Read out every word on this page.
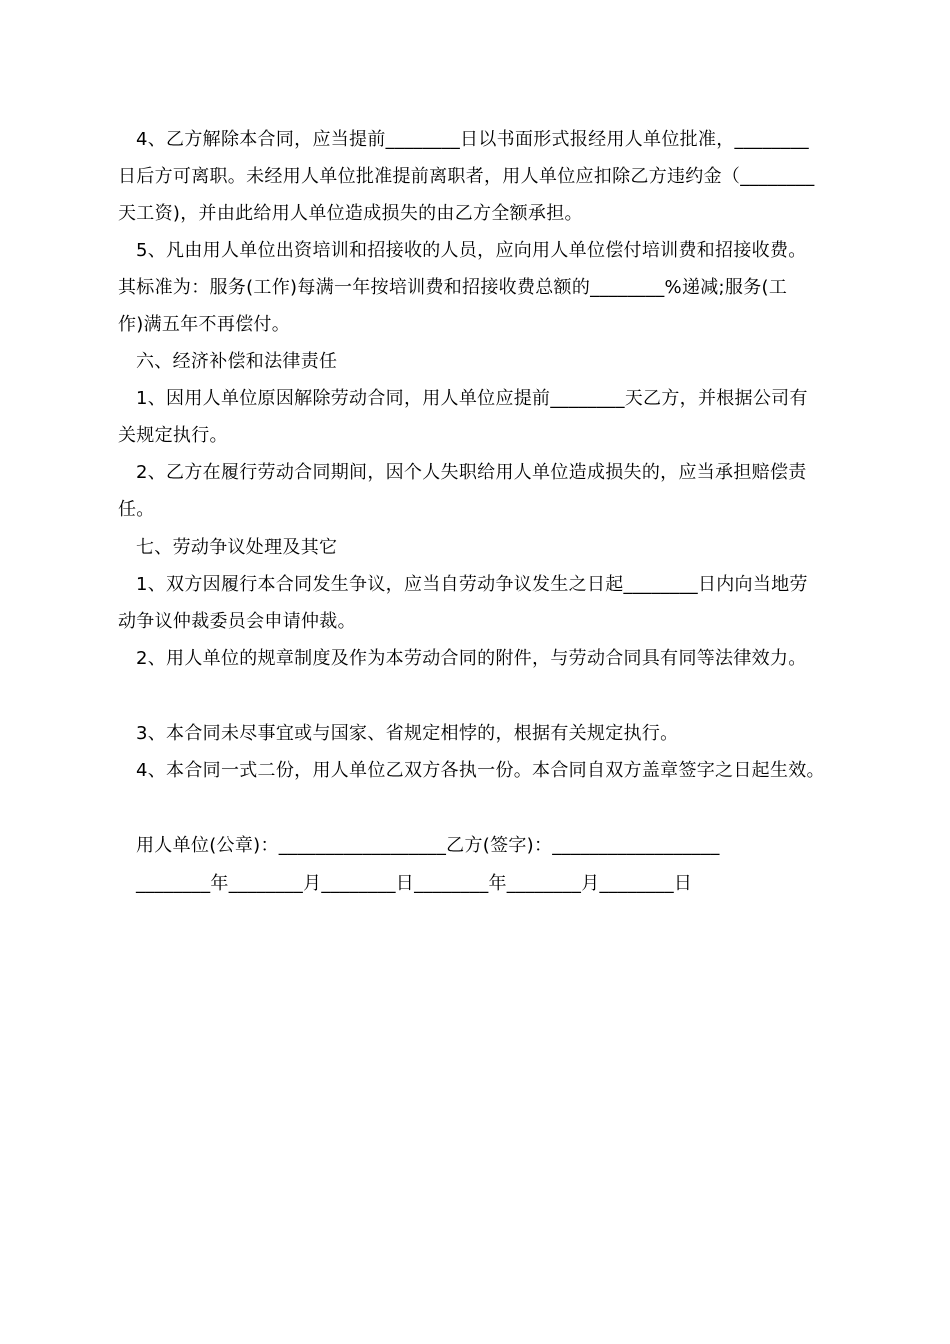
4、乙方解除本合同，应当提前________日以书面形式报经用人单位批准，________
日后方可离职。未经用人单位批准提前离职者，用人单位应扣除乙方违约金（________
天工资)，并由此给用人单位造成损失的由乙方全额承担。
5、凡由用人单位出资培训和招接收的人员，应向用人单位偿付培训费和招接收费。
其标准为：服务(工作)每满一年按培训费和招接收费总额的________%递减;服务(工
作)满五年不再偿付。
六、经济补偿和法律责任
1、因用人单位原因解除劳动合同，用人单位应提前________天乙方，并根据公司有
关规定执行。
2、乙方在履行劳动合同期间，因个人失职给用人单位造成损失的，应当承担赔偿责
任。
七、劳动争议处理及其它
1、双方因履行本合同发生争议，应当自劳动争议发生之日起________日内向当地劳
动争议仲裁委员会申请仲裁。
2、用人单位的规章制度及作为本劳动合同的附件，与劳动合同具有同等法律效力。
3、本合同未尽事宜或与国家、省规定相悖的，根据有关规定执行。
4、本合同一式二份，用人单位乙双方各执一份。本合同自双方盖章签字之日起生效。
用人单位(公章)：__________________乙方(签字)：__________________
________年________月________日________年________月________日
